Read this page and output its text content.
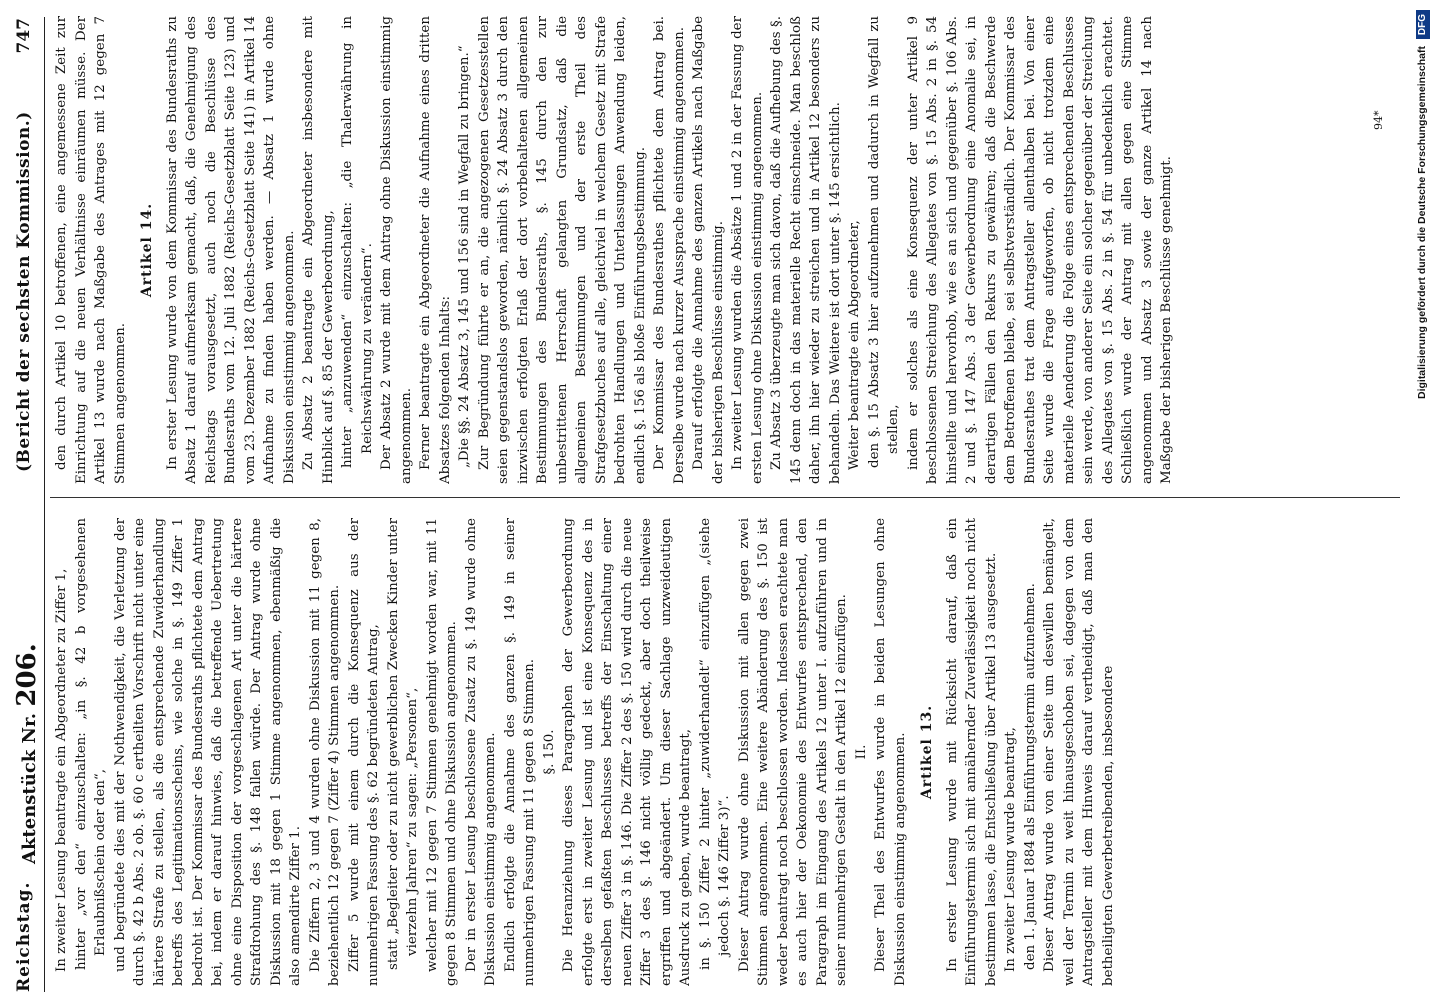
Reichstag.
Aktenstück Nr. 206.
(Bericht der sechsten Kommission.)
747

In zweiter Lesung beantragte ein Abgeordneter zu Ziffer 1, hinter „vor den“ einzuschalten: „in §. 42 b vorgesehenen Erlaubnißschein oder den“, und begründete dies mit der Nothwendigkeit, die Verletzung der durch §. 42 b Abs. 2 ob. §. 60 c ertheilten Vorschrift nicht unter eine härtere Strafe zu stellen, als die entsprechende Zuwiderhandlung betreffs des Legitimationsscheins, wie solche in §. 149 Ziffer 1 bedroht ist. Der Kommissar des Bundesraths pflichtete dem Antrag bei, indem er darauf hinwies, daß die betreffende Uebertretung ohne eine Disposition der vorgeschlagenen Art unter die härtere Strafdrohung des §. 148 fallen würde. Der Antrag wurde ohne Diskussion mit 18 gegen 1 Stimme angenommen, ebenmäßig die also amendirte Ziffer 1. Die Ziffern 2, 3 und 4 wurden ohne Diskussion mit 11 gegen 8, beziehentlich 12 gegen 7 (Ziffer 4) Stimmen angenommen. Ziffer 5 wurde mit einem durch die Konsequenz aus der nunmehrigen Fassung des §. 62 begründeten Antrag, statt „Begleiter oder zu nicht gewerblichen Zwecken Kinder unter vierzehn Jahren“ zu sagen: „Personen“, welcher mit 12 gegen 7 Stimmen genehmigt worden war, mit 11 gegen 8 Stimmen und ohne Diskussion angenommen. Der in erster Lesung beschlossene Zusatz zu §. 149 wurde ohne Diskussion einstimmig angenommen. Endlich erfolgte die Annahme des ganzen §. 149 in seiner nunmehrigen Fassung mit 11 gegen 8 Stimmen. §. 150. Die Heranziehung dieses Paragraphen der Gewerbeordnung erfolgte erst in zweiter Lesung und ist eine Konsequenz des in derselben gefaßten Beschlusses betreffs der Einschaltung einer neuen Ziffer 3 in §. 146. Die Ziffer 2 des §. 150 wird durch die neue Ziffer 3 des §. 146 nicht völlig gedeckt, aber doch theilweise ergriffen und abgeändert. Um dieser Sachlage unzweideutigen Ausdruck zu geben, wurde beantragt, in §. 150 Ziffer 2 hinter „zuwiderhandelt“ einzufügen „(siehe jedoch §. 146 Ziffer 3)“. Dieser Antrag wurde ohne Diskussion mit allen gegen zwei Stimmen angenommen. Eine weitere Abänderung des §. 150 ist weder beantragt noch beschlossen worden. Indessen erachtete man es auch hier der Oekonomie des Entwurfes entsprechend, den Paragraph im Eingang des Artikels 12 unter I. aufzuführen und in seiner nunmehrigen Gestalt in den Artikel 12 einzufügen. II. Dieser Theil des Entwurfes wurde in beiden Lesungen ohne Diskussion einstimmig angenommen. Artikel 13. In erster Lesung wurde mit Rücksicht darauf, daß ein Einführungstermin sich mit annähernder Zuverlässigkeit noch nicht bestimmen lasse, die Entschließung über Artikel 13 ausgesetzt. In zweiter Lesung wurde beantragt, den 1. Januar 1884 als Einführungstermin aufzunehmen. Dieser Antrag wurde von einer Seite um deswillen bemängelt, weil der Termin zu weit hinausgeschoben sei, dagegen von dem Antragsteller mit dem Hinweis darauf vertheidigt, daß man den betheiligten Gewerbetreibenden, insbesondere

den durch Artikel 10 betroffenen, eine angemessene Zeit zur Einrichtung auf die neuen Verhältnisse einräumen müsse. Der Artikel 13 wurde nach Maßgabe des Antrages mit 12 gegen 7 Stimmen angenommen.

Artikel 14. In erster Lesung wurde von dem Kommissar des Bundesraths zu Absatz 1 darauf aufmerksam gemacht, daß, die Genehmigung des Reichstags vorausgesetzt, auch noch die Beschlüsse des Bundesraths vom 12. Juli 1882 (Reichs-Gesetzblatt Seite 123) und vom 23. Dezember 1882 (Reichs-Gesetzblatt Seite 141) in Artikel 14 Aufnahme zu finden haben werden. — Absatz 1 wurde ohne Diskussion einstimmig angenommen. Zu Absatz 2 beantragte ein Abgeordneter insbesondere mit Hinblick auf §. 85 der Gewerbeordnung, hinter „anzuwenden“ einzuschalten: „die Thalerwährung in Reichswährung zu verändern“. Der Absatz 2 wurde mit dem Antrag ohne Diskussion einstimmig angenommen. Ferner beantragte ein Abgeordneter die Aufnahme eines dritten Absatzes folgenden Inhalts: „Die §§. 24 Absatz 3, 145 und 156 sind in Wegfall zu bringen.“ Zur Begründung führte er an, die angezogenen Gesetzesstellen seien gegenstandslos geworden, nämlich §. 24 Absatz 3 durch den inzwischen erfolgten Erlaß der dort vorbehaltenen allgemeinen Bestimmungen des Bundesraths, §. 145 durch den zur unbestrittenen Herrschaft gelangten Grundsatz, daß die allgemeinen Bestimmungen und der erste Theil des Strafgesetzbuches auf alle, gleichviel in welchem Gesetz mit Strafe bedrohten Handlungen und Unterlassungen Anwendung leiden, endlich §. 156 als bloße Einführungsbestimmung. Der Kommissar des Bundesrathes pflichtete dem Antrag bei. Derselbe wurde nach kurzer Aussprache einstimmig angenommen. Darauf erfolgte die Annahme des ganzen Artikels nach Maßgabe der bisherigen Beschlüsse einstimmig. In zweiter Lesung wurden die Absätze 1 und 2 in der Fassung der ersten Lesung ohne Diskussion einstimmig angenommen. Zu Absatz 3 überzeugte man sich davon, daß die Aufhebung des §. 145 denn doch in das materielle Recht einschneide. Man beschloß daher, ihn hier wieder zu streichen und in Artikel 12 besonders zu behandeln. Das Weitere ist dort unter §. 145 ersichtlich. Weiter beantragte ein Abgeordneter, den §. 15 Absatz 3 hier aufzunehmen und dadurch in Wegfall zu stellen, indem er solches als eine Konsequenz der unter Artikel 9 beschlossenen Streichung des Allegates von §. 15 Abs. 2 in §. 54 hinstellte und hervorhob, wie es an sich und gegenüber §. 106 Abs. 2 und §. 147 Abs. 3 der Gewerbeordnung eine Anomalie sei, in derartigen Fällen den Rekurs zu gewähren; daß die Beschwerde dem Betroffenen bleibe, sei selbstverständlich. Der Kommissar des Bundesrathes trat dem Antragsteller allenthalben bei. Von einer Seite wurde die Frage aufgeworfen, ob nicht trotzdem eine materielle Aenderung die Folge eines entsprechenden Beschlusses sein werde, von anderer Seite ein solcher gegenüber der Streichung des Allegates von §. 15 Abs. 2 in §. 54 für unbedenklich erachtet. Schließlich wurde der Antrag mit allen gegen eine Stimme angenommen und Absatz 3 sowie der ganze Artikel 14 nach Maßgabe der bisherigen Beschlüsse genehmigt.

94*	Digitalisierung gefördert durch die Deutsche Forschungsgemeinschaft DFG
